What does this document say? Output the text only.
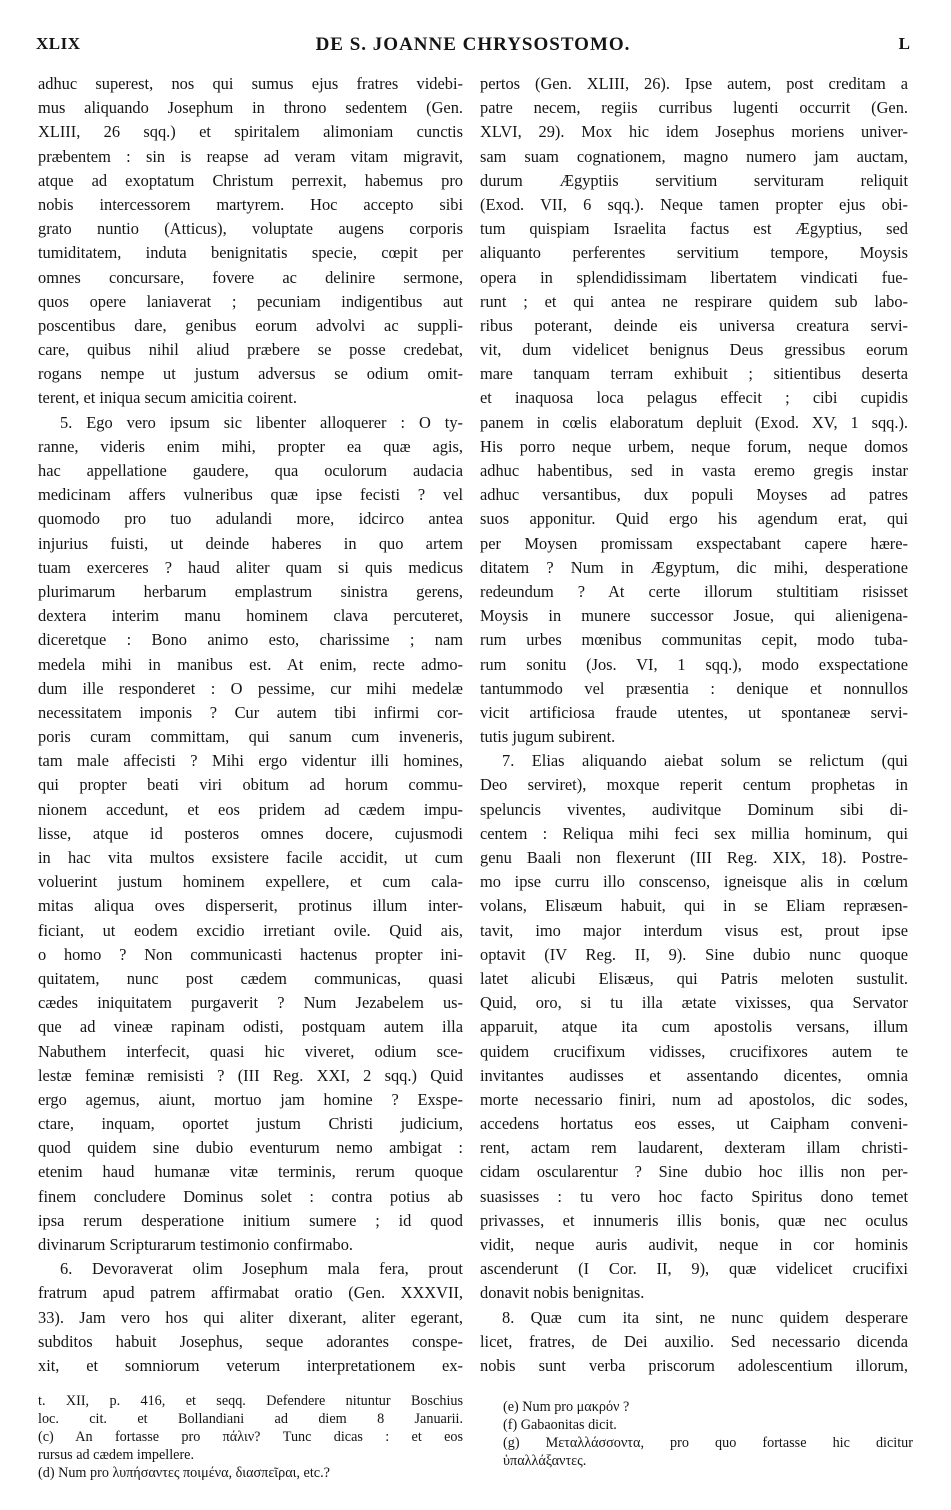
XLIX	DE S. JOANNE CHRYSOSTOMO.	L
adhuc superest, nos qui sumus ejus fratres videbi-
mus aliquando Josephum in throno sedentem (Gen.
XLIII, 26 sqq.) et spiritalem alimoniam cunctis
præbentem : sin is reapse ad veram vitam migravit,
atque ad exoptatum Christum perrexit, habemus pro
nobis intercessorem martyrem. Hoc accepto sibi
grato nuntio (Atticus), voluptate augens corporis
tumiditatem, induta benignitatis specie, cœpit per
omnes concursare, fovere ac delinire sermone,
quos opere laniaverat ; pecuniam indigentibus aut
poscentibus dare, genibus eorum advolvi ac suppli-
care, quibus nihil aliud præbere se posse credebat,
rogans nempe ut justum adversus se odium omit-
terent, et iniqua secum amicitia coirent.
5. Ego vero ipsum sic libenter alloquerer : O ty-
ranne, videris enim mihi, propter ea quæ agis,
hac appellatione gaudere, qua oculorum audacia
medicinam affers vulneribus quæ ipse fecisti ? vel
quomodo pro tuo adulandi more, idcirco antea
injurius fuisti, ut deinde haberes in quo artem
tuam exerceres ? haud aliter quam si quis medicus
plurimarum herbarum emplastrum sinistra gerens,
dextera interim manu hominem clava percuteret,
diceretque : Bono animo esto, charissime ; nam
medela mihi in manibus est. At enim, recte admo-
dum ille responderet : O pessime, cur mihi medelæ
necessitatem imponis ? Cur autem tibi infirmi cor-
poris curam committam, qui sanum cum inveneris,
tam male affecisti ? Mihi ergo videntur illi homines,
qui propter beati viri obitum ad horum commu-
nionem accedunt, et eos pridem ad cædem impu-
lisse, atque id posteros omnes docere, cujusmodi
in hac vita multos exsistere facile accidit, ut cum
voluerint justum hominem expellere, et cum cala-
mitas aliqua oves disperserit, protinus illum inter-
ficiant, ut eodem excidio irretiant ovile. Quid ais,
o homo ? Non communicasti hactenus propter ini-
quitatem, nunc post cædem communicas, quasi
cædes iniquitatem purgaverit ? Num Jezabelem us-
que ad vineæ rapinam odisti, postquam autem illa
Nabuthem interfecit, quasi hic viveret, odium sce-
lestæ feminæ remisisti ? (III Reg. XXI, 2 sqq.) Quid
ergo agemus, aiunt, mortuo jam homine ? Exspe-
ctare, inquam, oportet justum Christi judicium,
quod quidem sine dubio eventurum nemo ambigat :
etenim haud humanæ vitæ terminis, rerum quoque
finem concludere Dominus solet : contra potius ab
ipsa rerum desperatione initium sumere ; id quod
divinarum Scripturarum testimonio confirmabo.
6. Devoraverat olim Josephum mala fera, prout
fratrum apud patrem affirmabat oratio (Gen. XXXVII,
33). Jam vero hos qui aliter dixerant, aliter egerant,
subditos habuit Josephus, seque adorantes conspe-
xit, et somniorum veterum interpretationem ex-
pertos (Gen. XLIII, 26). Ipse autem, post creditam a
patre necem, regiis curribus lugenti occurrit (Gen.
XLVI, 29). Mox hic idem Josephus moriens univer-
sam suam cognationem, magno numero jam auctam,
durum Ægyptiis servitium servituram reliquit
(Exod. VII, 6 sqq.). Neque tamen propter ejus obi-
tum quispiam Israelita factus est Ægyptius, sed
aliquanto perferentes servitium tempore, Moysis
opera in splendidissimam libertatem vindicati fue-
runt ; et qui antea ne respirare quidem sub labo-
ribus poterant, deinde eis universa creatura servi-
vit, dum videlicet benignus Deus gressibus eorum
mare tanquam terram exhibuit ; sitientibus deserta
et inaquosa loca pelagus effecit ; cibi cupidis
panem in cœlis elaboratum depluit (Exod. XV, 1 sqq.).
His porro neque urbem, neque forum, neque domos
adhuc habentibus, sed in vasta eremo gregis instar
adhuc versantibus, dux populi Moyses ad patres
suos apponitur. Quid ergo his agendum erat, qui
per Moysen promissam exspectabant capere hære-
ditatem ? Num in Ægyptum, dic mihi, desperatione
redeundum ? At certe illorum stultitiam risisset
Moysis in munere successor Josue, qui alienigena-
rum urbes mœnibus communitas cepit, modo tuba-
rum sonitu (Jos. VI, 1 sqq.), modo exspectatione
tantummodo vel præsentia : denique et nonnullos
vicit artificiosa fraude utentes, ut spontaneæ servi-
tutis jugum subirent.
7. Elias aliquando aiebat solum se relictum (qui
Deo serviret), moxque reperit centum prophetas in
speluncis viventes, audivitque Dominum sibi di-
centem : Reliqua mihi feci sex millia hominum, qui
genu Baali non flexerunt (III Reg. XIX, 18). Postre-
mo ipse curru illo conscenso, igneisque alis in cœlum
volans, Elisæum habuit, qui in se Eliam repræsen-
tavit, imo major interdum visus est, prout ipse
optavit (IV Reg. II, 9). Sine dubio nunc quoque
latet alicubi Elisæus, qui Patris meloten sustulit.
Quid, oro, si tu illa ætate vixisses, qua Servator
apparuit, atque ita cum apostolis versans, illum
quidem crucifixum vidisses, crucifixores autem te
invitantes audisses et assentando dicentes, omnia
morte necessario finiri, num ad apostolos, dic sodes,
accedens hortatus eos esses, ut Caipham conveni-
rent, actam rem laudarent, dexteram illam christi-
cidam oscularentur ? Sine dubio hoc illis non per-
suasisses : tu vero hoc facto Spiritus dono temet
privasses, et innumeris illis bonis, quæ nec oculus
vidit, neque auris audivit, neque in cor hominis
ascenderunt (I Cor. II, 9), quæ videlicet crucifixi
donavit nobis benignitas.
8. Quæ cum ita sint, ne nunc quidem desperare
licet, fratres, de Dei auxilio. Sed necessario dicenda
nobis sunt verba priscorum adolescentium illorum,
t. XII, p. 416, et seqq. Defendere nituntur Boschius
loc. cit. et Bollandiani ad diem 8 Januarii.
(c) An fortasse pro πάλιν? Tunc dicas : et eos
rursus ad cædem impellere.
(d) Num pro λυπήσαντες ποιμένα, διασπεῖραι, etc.?
(e) Num pro μακρόν ?
(f) Gabaonitas dicit.
(g) Μεταλλάσσοντα, pro quo fortasse hic dicitur
ὑπαλλάξαντες.
